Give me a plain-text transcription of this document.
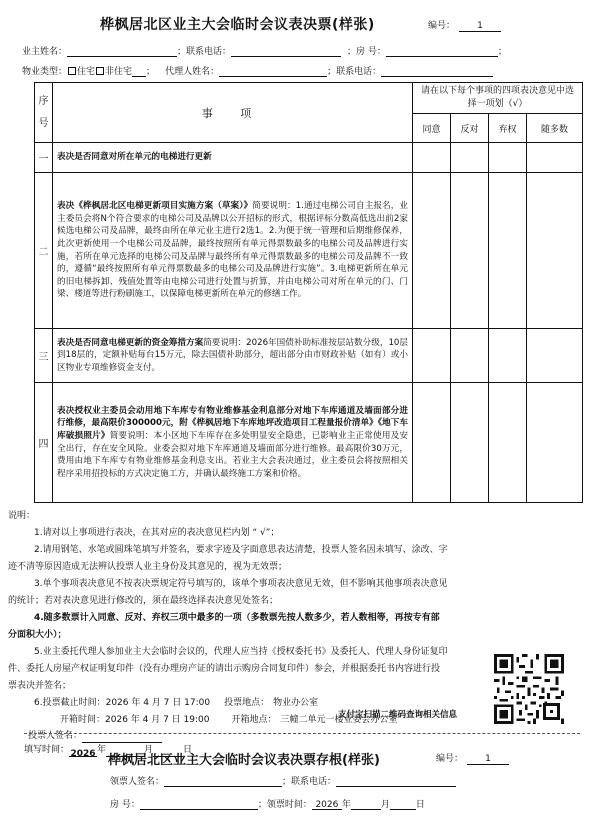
桦枫居北区业主大会临时会议表决票(样张)	编号： 1
业主姓名：	；联系电话：	；房 号：	；
物业类型： 住宅 非住宅 ； 代理人姓名：	；联系电话：
序
号	事 项	请在以下每个事项的四项表决意见中选择一项划（√）			
		同意	反对	弃权	随多数
一	表决是否同意对所在单元的电梯进行更新				
二	表决《桦枫居北区电梯更新项目实施方案（草案）》简要说明：1.通过电梯公司自主报名，业主委员会将N个符合要求的电梯公司及品牌以公开招标的形式，根据评标分数高低选出前2家候选电梯公司及品牌，最终由所在单元业主进行2选1。2.为便于统一管理和后期维修保养，此次更新使用一个电梯公司及品牌，最终按照所有单元得票数最多的电梯公司及品牌进行实施，若所在单元选择的电梯公司及品牌与最终所有单元得票数最多的电梯公司及品牌不一致的，遵循“最终按照所有单元得票数最多的电梯公司及品牌进行实施”。3.电梯更新所在单元的旧电梯拆卸、残值处置等由电梯公司进行处置与折算，并由电梯公司对所在单元的门、门梁、楼道等进行粉刷施工，以保障电梯更新所在单元的修缮工作。				
三	表决是否同意电梯更新的资金筹措方案简要说明：2026年国债补助标准按层站数分级，10层到18层的，定额补贴每台15万元，除去国债补助部分，超出部分由市财政补贴（如有）或小区物业专项维修资金支付。				
四	表决授权业主委员会动用地下车库专有物业维修基金利息部分对地下车库通道及墙面部分进行维修，最高限价300000元，附《桦枫居地下车库地坪改造项目工程量报价清单》《地下车库破损照片》简要说明：本小区地下车库存在多处明显安全隐患，已影响业主正常使用及安全出行，存在安全风险。业委会拟对地下车库通道及墙面部分进行维修。最高限价30万元，费用由地下车库专有物业维修基金利息支出。若业主大会表决通过，业主委员会将按照相关程序采用招投标的方式决定施工方，并确认最终施工方案和价格。				

说明：

1.请对以上事项进行表决，在其对应的表决意见栏内划 “ √”；

2.请用钢笔、水笔或圆珠笔填写并签名，要求字迹及字面意思表达清楚，投票人签名因未填写、涂改、字

迹不清等原因造成无法辨认投票人业主身份及其意见的，视为无效票；

3.单个事项表决意见不按表决票规定符号填写的，该单个事项表决意见无效，但不影响其他事项表决意见

的统计；若对表决意见进行修改的，须在最终选择表决意见处签名；

4.随多数票计入同意、反对、弃权三项中最多的一项（多数票先按人数多少，若人数相等，再按专有部

分面积大小）；

5.业主委托代理人参加业主大会临时会议的，代理人应当持《授权委托书》及委托人、代理人身份证复印

件、委托人房屋产权证明复印件（没有办理房产证的请出示购房合同复印件）参会，并根据委托书内容进行投

票表决并签名；

6.投票截止时间：2026 年 4 月 7 日 17:00 投票地点： 物业办公室

开箱时间：2026 年 4 月 7 日 19:00 开箱地点： 三幢二单元一楼业委会办公室

投票人签名：

填写时间：2026年	月	日

支付宝扫描二维码查询相关信息
桦枫居北区业主大会临时会议表决票存根(样张)	编号： 1
领票人签名：	；联系电话：
房 号：	；领票时间： 2026 年	月	日
